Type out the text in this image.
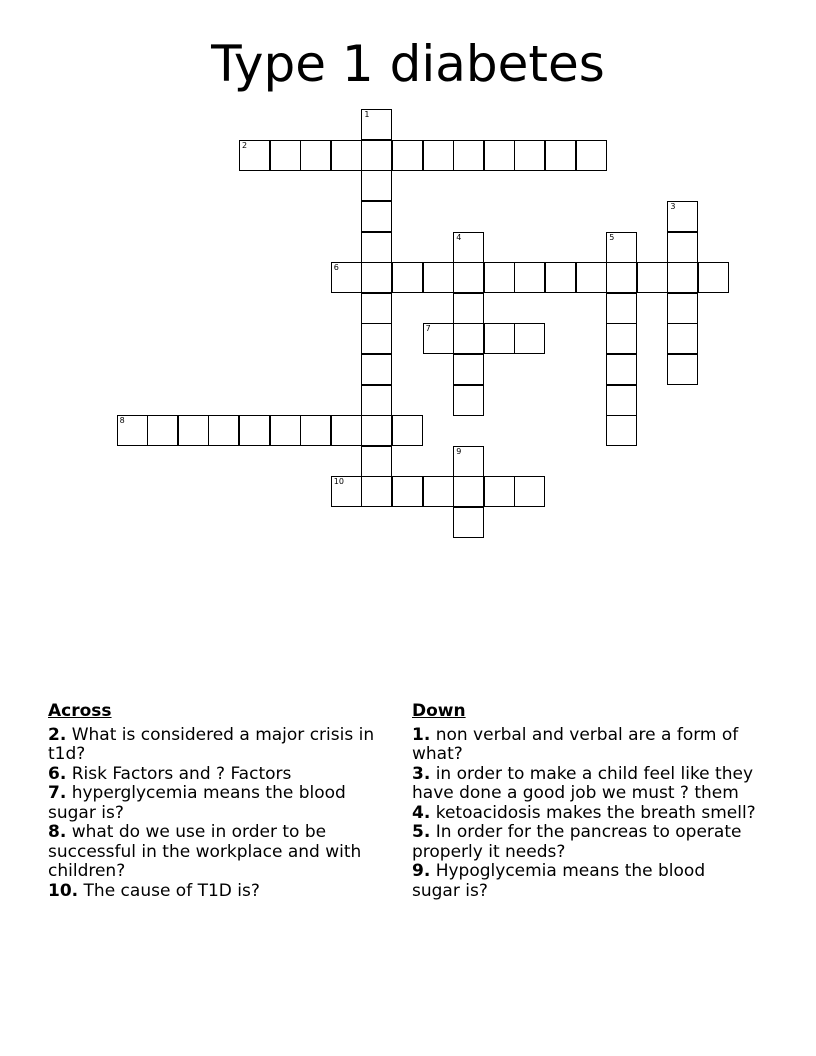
Type 1 diabetes
1
2
3
4	5
6
7
8
9
10
Across
2. What is considered a major crisis in t1d?
6. Risk Factors and ? Factors
7. hyperglycemia means the blood sugar is?
8. what do we use in order to be successful in the workplace and with children?
10. The cause of T1D is?
Down
1. non verbal and verbal are a form of what?
3. in order to make a child feel like they have done a good job we must ? them
4. ketoacidosis makes the breath smell?
5. In order for the pancreas to operate properly it needs?
9. Hypoglycemia means the blood sugar is?
